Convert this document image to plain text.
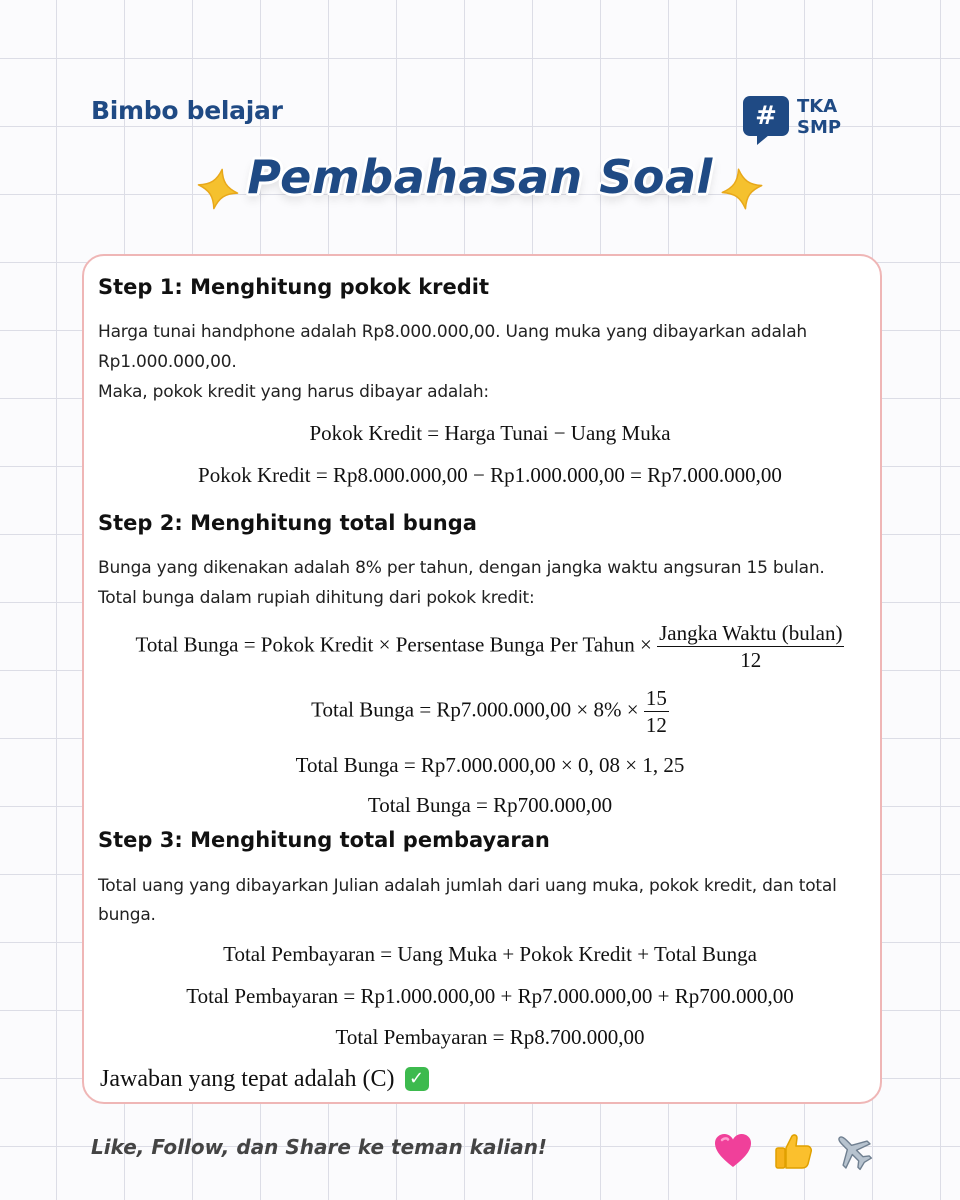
Bimbo belajar	#	TKA
SMP
Pembahasan Soal
Step 1: Menghitung pokok kredit
Harga tunai handphone adalah Rp8.000.000,00. Uang muka yang dibayarkan adalah
Rp1.000.000,00.
Maka, pokok kredit yang harus dibayar adalah:
Pokok Kredit = Harga Tunai − Uang Muka
Pokok Kredit = Rp8.000.000,00 − Rp1.000.000,00 = Rp7.000.000,00
Step 2: Menghitung total bunga
Bunga yang dikenakan adalah 8% per tahun, dengan jangka waktu angsuran 15 bulan.
Total bunga dalam rupiah dihitung dari pokok kredit:
Total Bunga = Pokok Kredit × Persentase Bunga Per Tahun × $\frac{\text{Jangka Waktu (bulan)}}{12}$
Total Bunga = $Rp7.000.000,00 \times 8\% \times \frac{15}{12}$
Total Bunga = Rp7.000.000,00 × 0, 08 × 1, 25
Total Bunga = Rp700.000,00
Step 3: Menghitung total pembayaran
Total uang yang dibayarkan Julian adalah jumlah dari uang muka, pokok kredit, dan total
bunga.
Total Pembayaran = Uang Muka + Pokok Kredit + Total Bunga
Total Pembayaran = Rp1.000.000,00 + Rp7.000.000,00 + Rp700.000,00
Total Pembayaran = Rp8.700.000,00
Jawaban yang tepat adalah (C) ✓
Like, Follow, dan Share ke teman kalian!
